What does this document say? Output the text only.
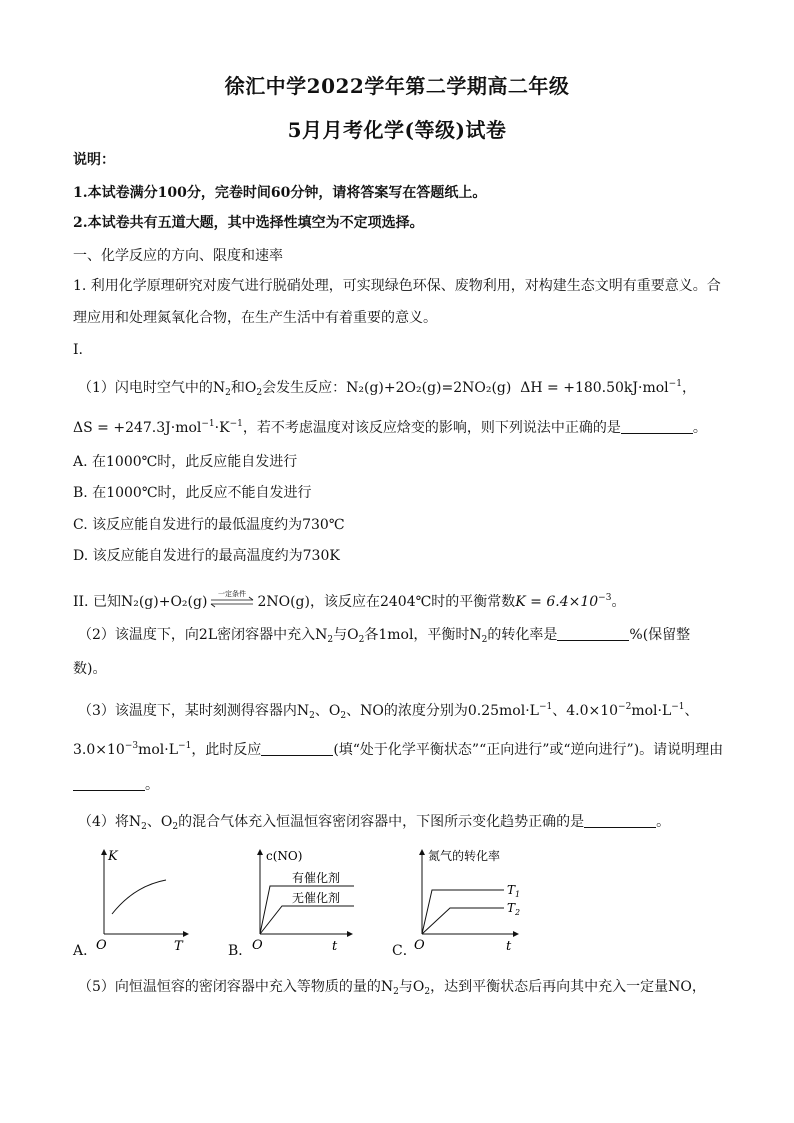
徐汇中学2022学年第二学期高二年级
5月月考化学(等级)试卷
说明：
1.本试卷满分100分，完卷时间60分钟，请将答案写在答题纸上。
2.本试卷共有五道大题，其中选择性填空为不定项选择。
一、化学反应的方向、限度和速率
1. 利用化学原理研究对废气进行脱硝处理，可实现绿色环保、废物利用，对构建生态文明有重要意义。合
理应用和处理氮氧化合物，在生产生活中有着重要的意义。
I.
（1）闪电时空气中的$N_2$和$O_2$会发生反应：N₂(g)+2O₂(g)=2NO₂(g) ΔH = +180.50kJ·mol$^{-1}$，
$\Delta S = +247.3J\cdot mol^{-1}\cdot K^{-1}$，若不考虑温度对该反应焓变的影响，则下列说法中正确的是	。
A. 在1000℃时，此反应能自发进行
B. 在1000℃时，此反应不能自发进行
C. 该反应能自发进行的最低温度约为730℃
D. 该反应能自发进行的最高温度约为730K
II. 已知N₂(g)+O₂(g) 一定条件 2NO(g)，该反应在2404℃时的平衡常数$K = 6.4\times 10^{-3}$。
（2）该温度下，向2L密闭容器中充入$N_2$与$O_2$各1mol，平衡时$N_2$的转化率是	%(保留整
数)。
（3）该温度下，某时刻测得容器内$N_2$、$O_2$、NO的浓度分别为$0.25mol\cdot L^{-1}$、$4.0\times 10^{-2}mol\cdot L^{-1}$、
$3.0\times 10^{-3}mol\cdot L^{-1}$，此时反应	(填“处于化学平衡状态”“正向进行”或“逆向进行”)。请说明理由
。
（4）将$N_2$、$O_2$的混合气体充入恒温恒容密闭容器中，下图所示变化趋势正确的是	。
A．
K
T
O	B．
c(NO)
t
O
有催化剂
无催化剂
C．
氮气的转化率
t
O
$T_1$
$T_2$
（5）向恒温恒容的密闭容器中充入等物质的量的$N_2$与$O_2$，达到平衡状态后再向其中充入一定量NO，
